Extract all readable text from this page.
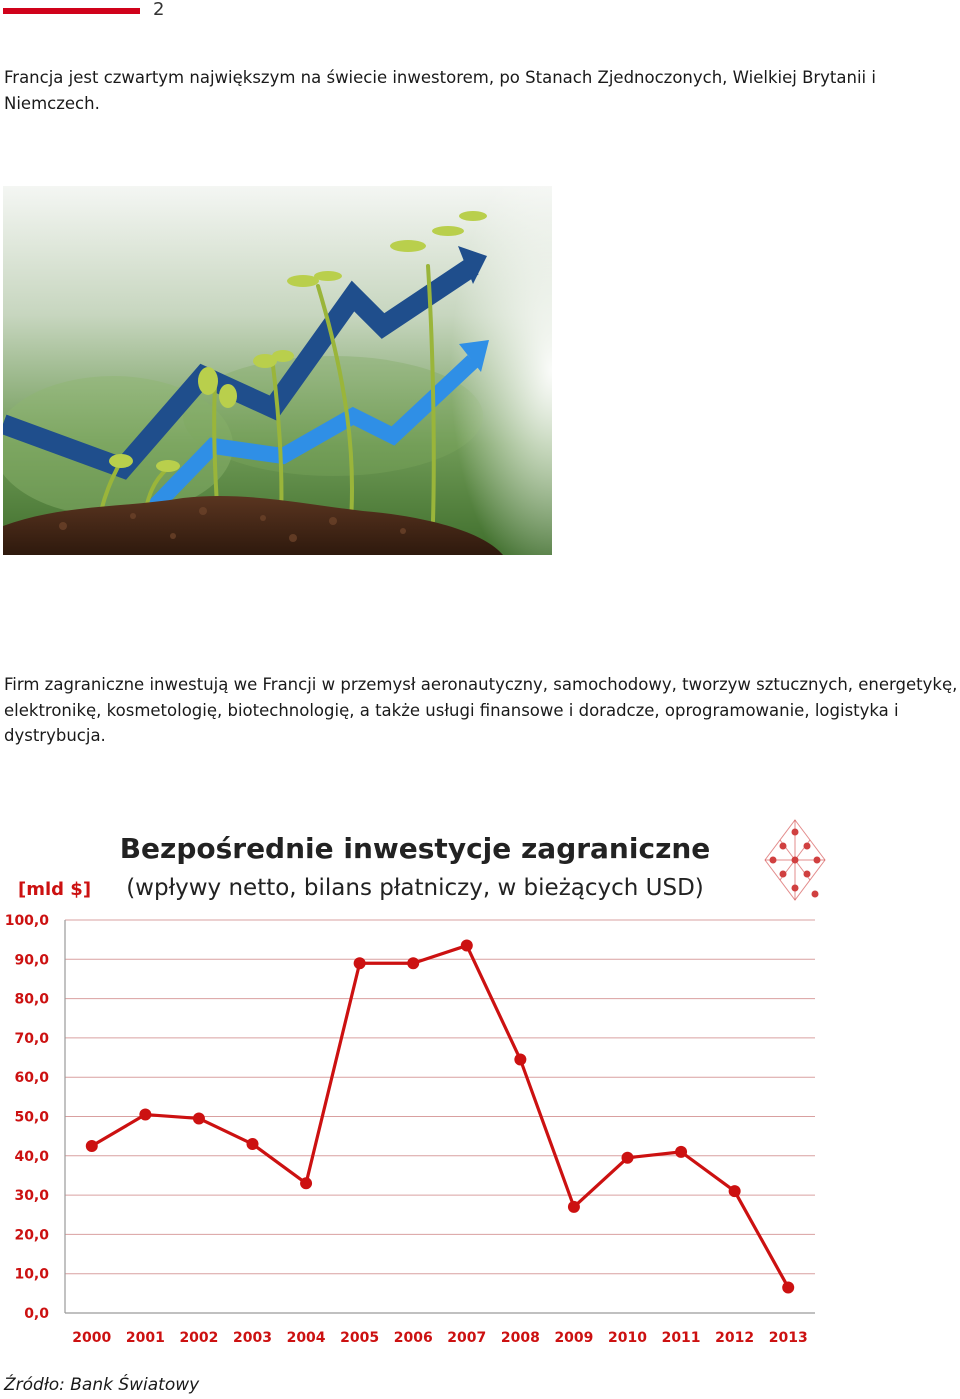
2

Francja jest czwartym największym na świecie inwestorem, po Stanach Zjednoczonych, Wielkiej Brytanii i Niemczech.

Firm zagraniczne inwestują we Francji w przemysł aeronautyczny, samochodowy, tworzyw sztucznych, energetykę, elektronikę, kosmetologię, biotechnologię, a także usługi finansowe i doradcze, oprogramowanie, logistyka i dystrybucja.

Bezpośrednie inwestycje zagraniczne
(wpływy netto, bilans płatniczy, w bieżących USD)
[mld $]
0,0
10,0
20,0
30,0
40,0
50,0
60,0
70,0
80,0
90,0
100,0
2000 2001 2002 2003 2004 2005 2006 2007 2008 2009 2010 2011 2012 2013

Źródło: Bank Światowy
